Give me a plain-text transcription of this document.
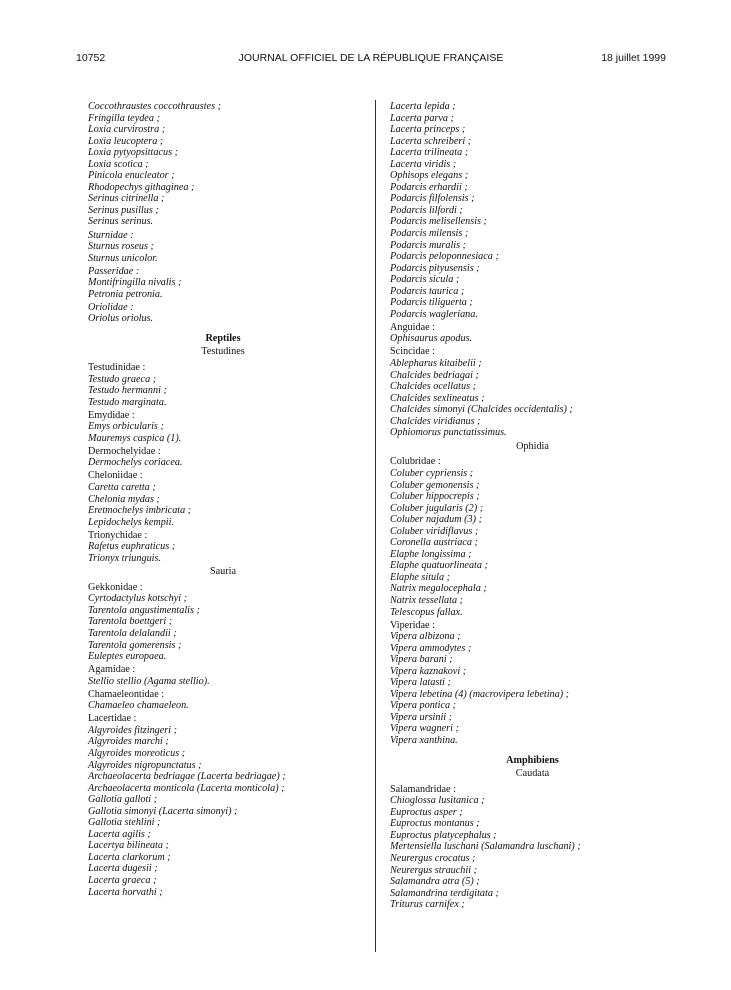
10752	JOURNAL OFFICIEL DE LA RÉPUBLIQUE FRANÇAISE	18 juillet 1999
Coccothraustes coccothraustes ;
Fringilla teydea ;
Loxia curvirostra ;
Loxia leucoptera ;
Loxia pytyopsittacus ;
Loxia scotica ;
Pinicola enucleator ;
Rhodopechys githaginea ;
Serinus citrinella ;
Serinus pusillus ;
Serinus serinus.
Sturnidae :
Sturnus roseus ;
Sturnus unicolor.
Passeridae :
Montifringilla nivalis ;
Petronia petronia.
Oriolidae :
Oriolus oriolus.
Reptiles
Testudines
Testudinidae :
Testudo graeca ;
Testudo hermanni ;
Testudo marginata.
Emydidae :
Emys orbicularis ;
Mauremys caspica (1).
Dermochelyidae :
Dermochelys coriacea.
Cheloniidae :
Caretta caretta ;
Chelonia mydas ;
Eretmochelys imbricata ;
Lepidochelys kempii.
Trionychidae :
Rafetus euphraticus ;
Trionyx triunguis.
Sauria
Gekkonidae :
Cyrtodactylus kotschyi ;
Tarentola angustimentalis ;
Tarentola boettgeri ;
Tarentola delalandii ;
Tarentola gomerensis ;
Euleptes europaea.
Agamidae :
Stellio stellio (Agama stellio).
Chamaeleontidae :
Chamaeleo chamaeleon.
Lacertidae :
Algyroides fitzingeri ;
Algyroides marchi ;
Algyroides moreoticus ;
Algyroides nigropunctatus ;
Archaeolacerta bedriagae (Lacerta bedriagae) ;
Archaeolacerta monticola (Lacerta monticola) ;
Gallotia galloti ;
Gallotia simonyi (Lacerta simonyi) ;
Gallotia stehlini ;
Lacerta agilis ;
Lacertya bilineata ;
Lacerta clarkorum ;
Lacerta dugesii ;
Lacerta graeca ;
Lacerta horvathi ;
Lacerta lepida ;
Lacerta parva ;
Lacerta princeps ;
Lacerta schreiberi ;
Lacerta trilineata ;
Lacerta viridis ;
Ophisops elegans ;
Podarcis erhardii ;
Podarcis filfolensis ;
Podarcis lilfordi ;
Podarcis melisellensis ;
Podarcis milensis ;
Podarcis muralis ;
Podarcis peloponnesiaca ;
Podarcis pityusensis ;
Podarcis sicula ;
Podarcis taurica ;
Podarcis tiliguerta ;
Podarcis wagleriana.
Anguidae :
Ophisaurus apodus.
Scincidae :
Ablepharus kitaibelii ;
Chalcides bedriagai ;
Chalcides ocellatus ;
Chalcides sexlineatus ;
Chalcides simonyi (Chalcides occidentalis) ;
Chalcides viridianus ;
Ophiomorus punctatissimus.
Ophidia
Colubridae :
Coluber cypriensis ;
Coluber gemonensis ;
Coluber hippocrepis ;
Coluber jugularis (2) ;
Coluber najadum (3) ;
Coluber viridiflavus ;
Coronella austriaca ;
Elaphe longissima ;
Elaphe quatuorlineata ;
Elaphe situla ;
Natrix megalocephala ;
Natrix tessellata ;
Telescopus fallax.
Viperidae :
Vipera albizona ;
Vipera ammodytes ;
Vipera barani ;
Vipera kaznakovi ;
Vipera latasti ;
Vipera lebetina (4) (macrovipera lebetina) ;
Vipera pontica ;
Vipera ursinii ;
Vipera wagneri ;
Vipera xanthina.
Amphibiens
Caudata
Salamandridae :
Chioglossa lusitanica ;
Euproctus asper ;
Euproctus montanus ;
Euproctus platycephalus ;
Mertensiella luschani (Salamandra luschani) ;
Neurergus crocatus ;
Neurergus strauchii ;
Salamandra atra (5) ;
Salamandrina terdigitata ;
Triturus carnifex ;
